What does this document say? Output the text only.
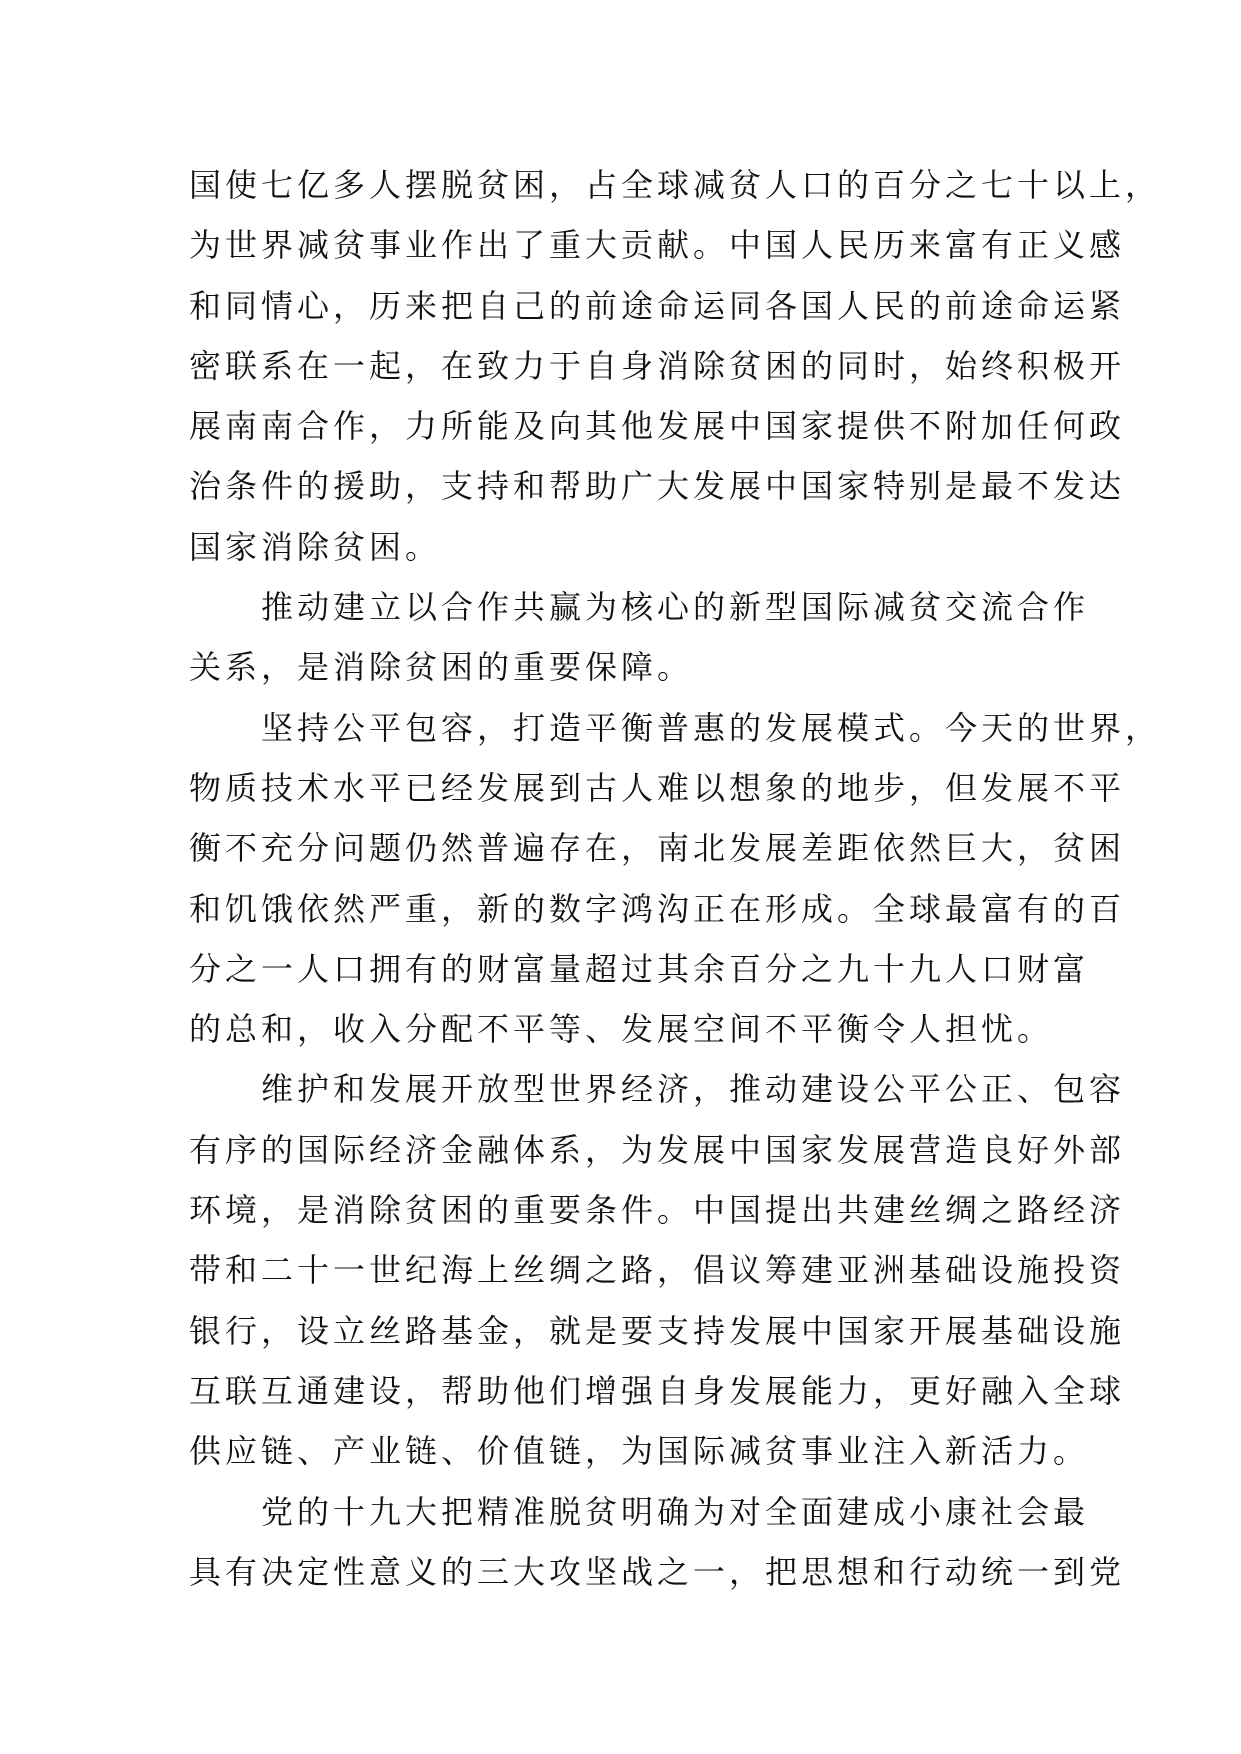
国使七亿多人摆脱贫困，占全球减贫人口的百分之七十以上，
为世界减贫事业作出了重大贡献。中国人民历来富有正义感
和同情心，历来把自己的前途命运同各国人民的前途命运紧
密联系在一起，在致力于自身消除贫困的同时，始终积极开
展南南合作，力所能及向其他发展中国家提供不附加任何政
治条件的援助，支持和帮助广大发展中国家特别是最不发达
国家消除贫困。
推动建立以合作共赢为核心的新型国际减贫交流合作
关系，是消除贫困的重要保障。
坚持公平包容，打造平衡普惠的发展模式。今天的世界，
物质技术水平已经发展到古人难以想象的地步，但发展不平
衡不充分问题仍然普遍存在，南北发展差距依然巨大，贫困
和饥饿依然严重，新的数字鸿沟正在形成。全球最富有的百
分之一人口拥有的财富量超过其余百分之九十九人口财富
的总和，收入分配不平等、发展空间不平衡令人担忧。
维护和发展开放型世界经济，推动建设公平公正、包容
有序的国际经济金融体系，为发展中国家发展营造良好外部
环境，是消除贫困的重要条件。中国提出共建丝绸之路经济
带和二十一世纪海上丝绸之路，倡议筹建亚洲基础设施投资
银行，设立丝路基金，就是要支持发展中国家开展基础设施
互联互通建设，帮助他们增强自身发展能力，更好融入全球
供应链、产业链、价值链，为国际减贫事业注入新活力。
党的十九大把精准脱贫明确为对全面建成小康社会最
具有决定性意义的三大攻坚战之一，把思想和行动统一到党
